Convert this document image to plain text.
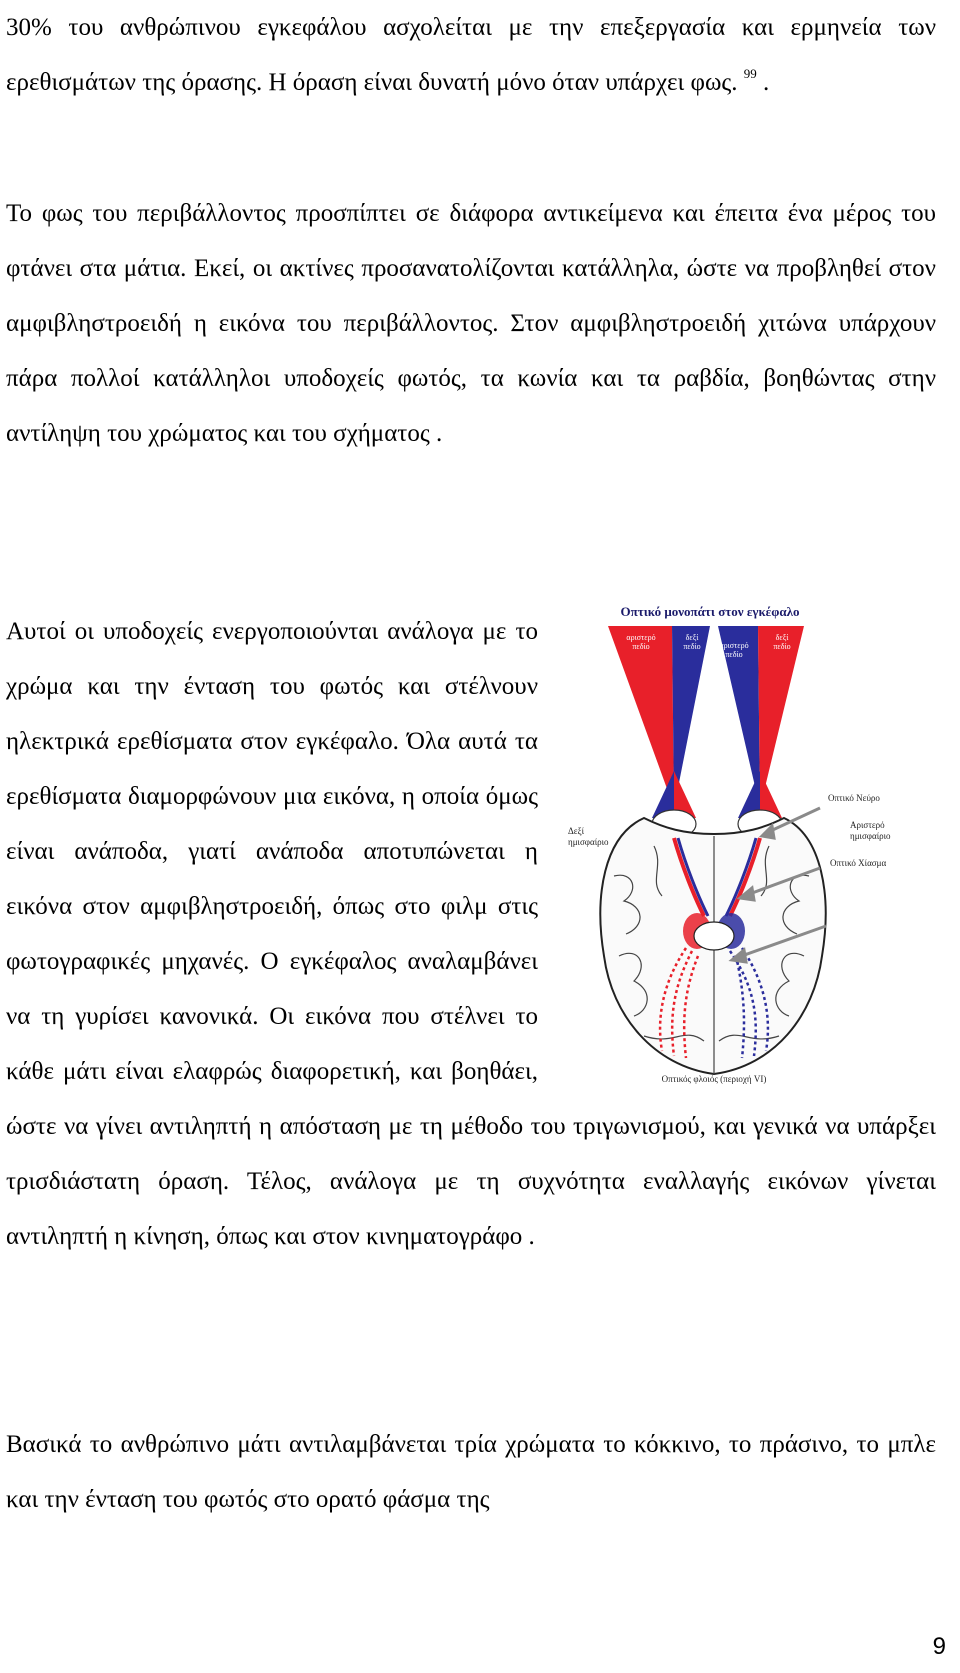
30% του ανθρώπινου εγκεφάλου ασχολείται με την επεξεργασία και ερμηνεία των ερεθισμάτων της όρασης. Η όραση είναι δυνατή μόνο όταν υπάρχει φως. $^{99}$ .

Το φως του περιβάλλοντος προσπίπτει σε διάφορα αντικείμενα και έπειτα ένα μέρος του φτάνει στα μάτια. Εκεί, οι ακτίνες προσανατολίζονται κατάλληλα, ώστε να προβληθεί στον αμφιβληστροειδή η εικόνα του περιβάλλοντος. Στον αμφιβληστροειδή χιτώνα υπάρχουν πάρα πολλοί κατάλληλοι υποδοχείς φωτός, τα κωνία και τα ραβδία, βοηθώντας στην αντίληψη του χρώματος και του σχήματος .

Οπτικό μονοπάτι στον εγκέφαλο
αριστερό
πεδίο
δεξί
πεδίο αριστερό
πεδίο
δεξί
πεδίο
Οπτικό Νεύρο
Αριστερό
ημισφαίριο
Δεξί
ημισφαίριο
Οπτικό Χίασμα
Οπτικός φλοιός (περιοχή VI)
Αυτοί οι υποδοχείς ενεργοποιούνται ανάλογα με το χρώμα και την ένταση του φωτός και στέλνουν ηλεκτρικά ερεθίσματα στον εγκέφαλο. Όλα αυτά τα ερεθίσματα διαμορφώνουν μια εικόνα, η οποία όμως είναι ανάποδα, γιατί ανάποδα αποτυπώνεται η εικόνα στον αμφιβληστροειδή, όπως στο φιλμ στις φωτογραφικές μηχανές. Ο εγκέφαλος αναλαμβάνει να τη γυρίσει κανονικά. Οι εικόνα που στέλνει το κάθε μάτι είναι ελαφρώς διαφορετική, και βοηθάει, ώστε να γίνει αντιληπτή η απόσταση με τη μέθοδο του τριγωνισμού, και γενικά να υπάρξει τρισδιάστατη όραση. Τέλος, ανάλογα με τη συχνότητα εναλλαγής εικόνων γίνεται αντιληπτή η κίνηση, όπως και στον κινηματογράφο .

Βασικά το ανθρώπινο μάτι αντιλαμβάνεται τρία χρώματα το κόκκινο, το πράσινο, το μπλε και την ένταση του φωτός στο ορατό φάσμα της

9
